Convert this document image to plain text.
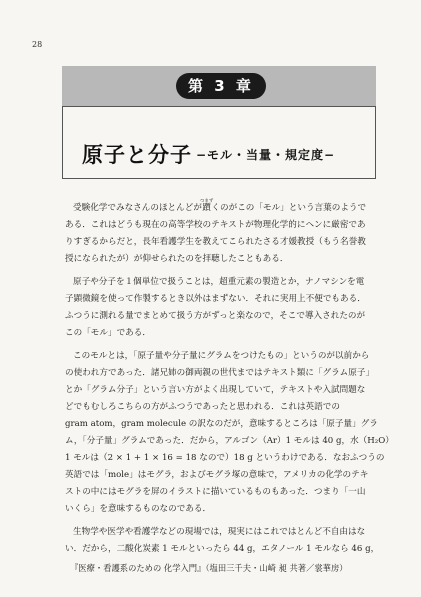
28
第 3 章
原子と分子 −モル・当量・規定度−

受験化学でみなさんのほとんどが躓つまずくのがこの「モル」という言葉のようで

ある．これはどうも現在の高等学校のテキストが物理化学的にヘンに厳密であ

りすぎるからだと，長年看護学生を教えてこられたさる才媛教授（もう名誉教

授になられたが）が仰せられたのを拝聴したこともある．

原子や分子を１個単位で扱うことは，超重元素の製造とか，ナノマシンを電

子顕微鏡を使って作製するとき以外はまずない．それに実用上不便でもある．

ふつうに測れる量でまとめて扱う方がずっと楽なので，そこで導入されたのが

この「モル」である．

このモルとは，「原子量や分子量にグラムをつけたもの」というのが以前から

の使われ方であった．諸兄姉の御両親の世代まではテキスト類に「グラム原子」

とか「グラム分子」という言い方がよく出現していて，テキストや入試問題な

どでもむしろこちらの方がふつうであったと思われる．これは英語での

gram atom，gram molecule の訳なのだが，意味するところは「原子量」グラ

ム，「分子量」グラムであった．だから，アルゴン（Ar）1 モルは 40 g，水（H₂O）

1 モルは（2 × 1 + 1 × 16 = 18 なので）18 g というわけである．なおふつうの

英語では「mole」はモグラ，およびモグラ塚の意味で，アメリカの化学のテキ

ストの中にはモグラを屏のイラストに描いているものもあった．つまり「一山

いくら」を意味するものなのである．

生物学や医学や看護学などの現場では，現実にはこれではとんど不自由はな

い．だから，二酸化炭素 1 モルといったら 44 g，エタノール 1 モルなら 46 g，

『医療・看護系のための 化学入門』（塩田三千夫・山崎 昶 共著／裳華房）
